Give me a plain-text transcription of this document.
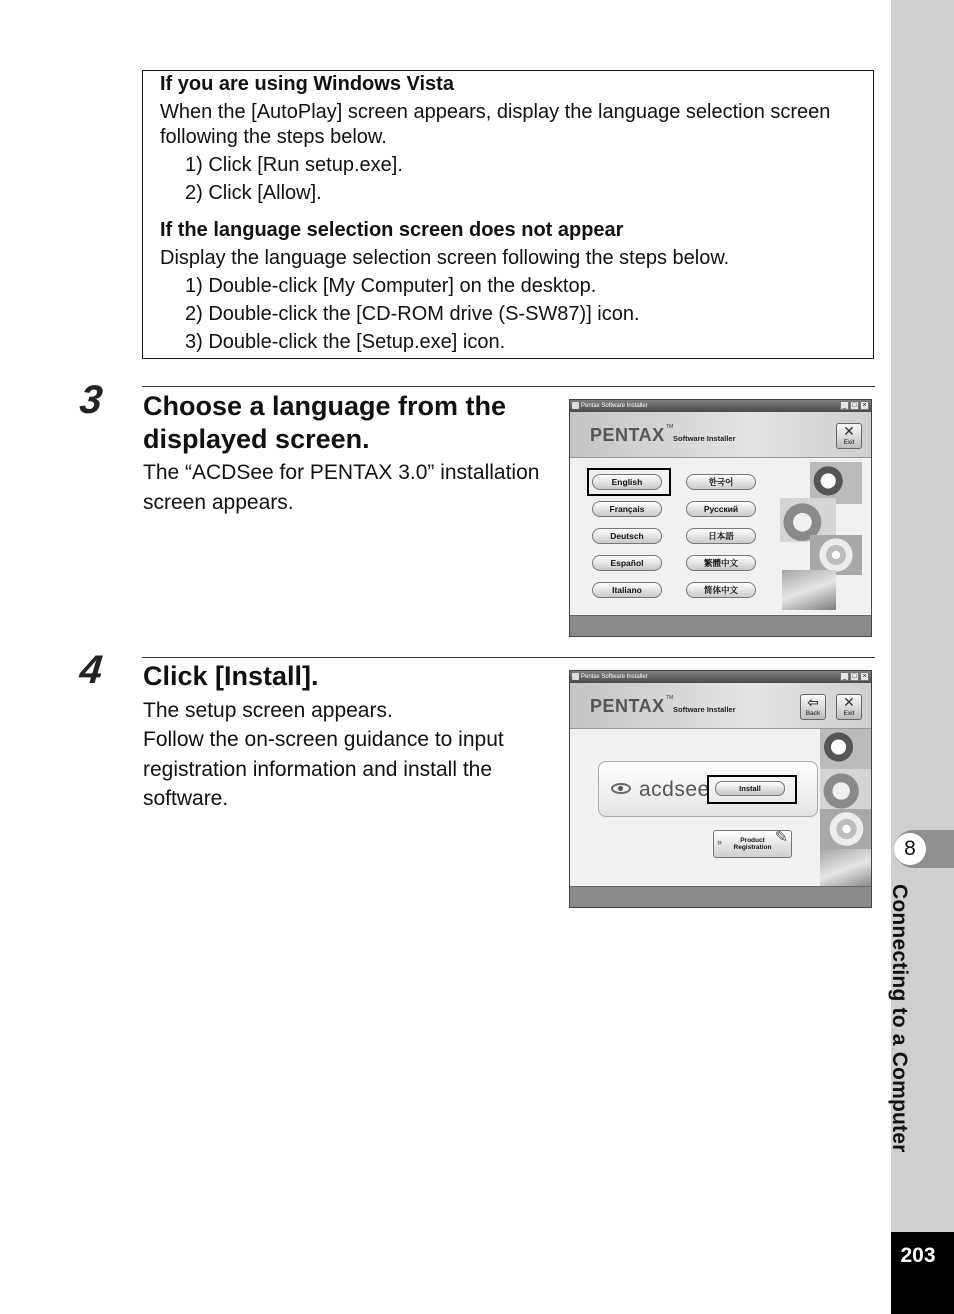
8
Connecting to a Computer
203
If you are using Windows Vista
When the [AutoPlay] screen appears, display the language selection screen following the steps below.
1) Click [Run setup.exe].
2) Click [Allow].
If the language selection screen does not appear
Display the language selection screen following the steps below.
1) Double-click [My Computer] on the desktop.
2) Double-click the [CD-ROM drive (S-SW87)] icon.
3) Double-click the [Setup.exe] icon.
3 Choose a language from the displayed screen.
The “ACDSee for PENTAX 3.0” installation screen appears.
Pentax Software Installer	_ □ ×
PENTAX TM
Software Installer	✕
Exit
English
Français
Deutsch
Español
Italiano
한국어
Русский
日本語
繁體中文
简体中文
4 Click [Install].
The setup screen appears.
Follow the on-screen guidance to input registration information and install the software.
Pentax Software Installer	_ □ ×
PENTAX TM
Software Installer	⇦
Back
✕
Exit
acdsee	Install
»	Product
Registration
✎
